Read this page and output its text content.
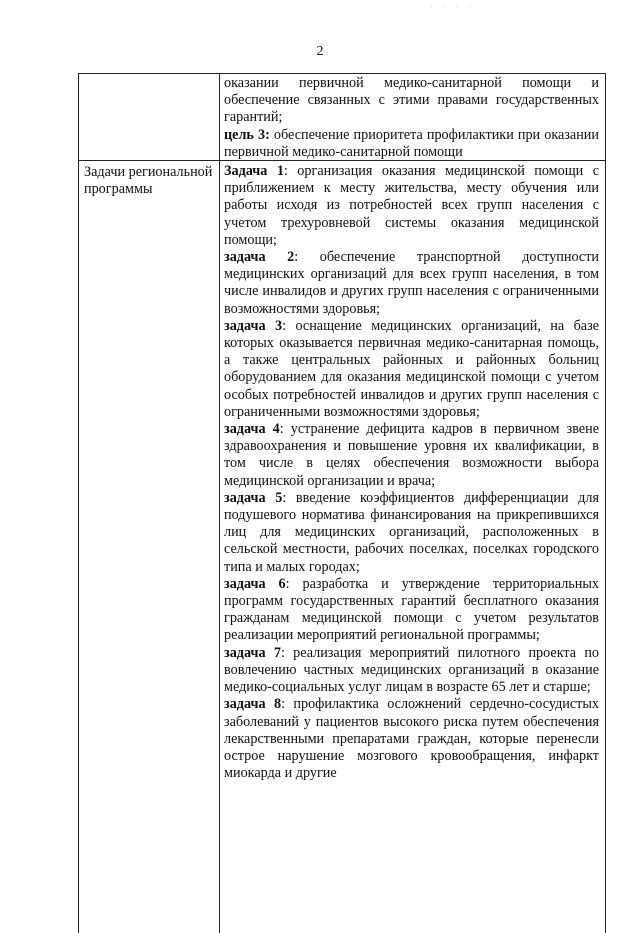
· · · ·
2

оказании первичной медико-санитарной помощи и обеспечение связанных с этими правами государственных гарантий;

цель 3: обеспечение приоритета профилактики при оказании первичной медико-санитарной помощи

Задачи региональной программы

Задача 1: организация оказания медицинской помощи с приближением к месту жительства, месту обучения или работы исходя из потребностей всех групп населения с учетом трехуровневой системы оказания медицинской помощи;

задача 2: обеспечение транспортной доступности медицинских организаций для всех групп населения, в том числе инвалидов и других групп населения с ограниченными возможностями здоровья;

задача 3: оснащение медицинских организаций, на базе которых оказывается первичная медико-санитарная помощь, а также центральных районных и районных больниц оборудованием для оказания медицинской помощи с учетом особых потребностей инвалидов и других групп населения с ограниченными возможностями здоровья;

задача 4: устранение дефицита кадров в первичном звене здравоохранения и повышение уровня их квалификации, в том числе в целях обеспечения возможности выбора медицинской организации и врача;

задача 5: введение коэффициентов дифференциации для подушевого норматива финансирования на прикрепившихся лиц для медицинских организаций, расположенных в сельской местности, рабочих поселках, поселках городского типа и малых городах;

задача 6: разработка и утверждение территориальных программ государственных гарантий бесплатного оказания гражданам медицинской помощи с учетом результатов реализации мероприятий региональной программы;

задача 7: реализация мероприятий пилотного проекта по вовлечению частных медицинских организаций в оказание медико-социальных услуг лицам в возрасте 65 лет и старше;

задача 8: профилактика осложнений сердечно-сосудистых заболеваний у пациентов высокого риска путем обеспечения лекарственными препаратами граждан, которые перенесли острое нарушение мозгового кровообращения, инфаркт миокарда и другие
